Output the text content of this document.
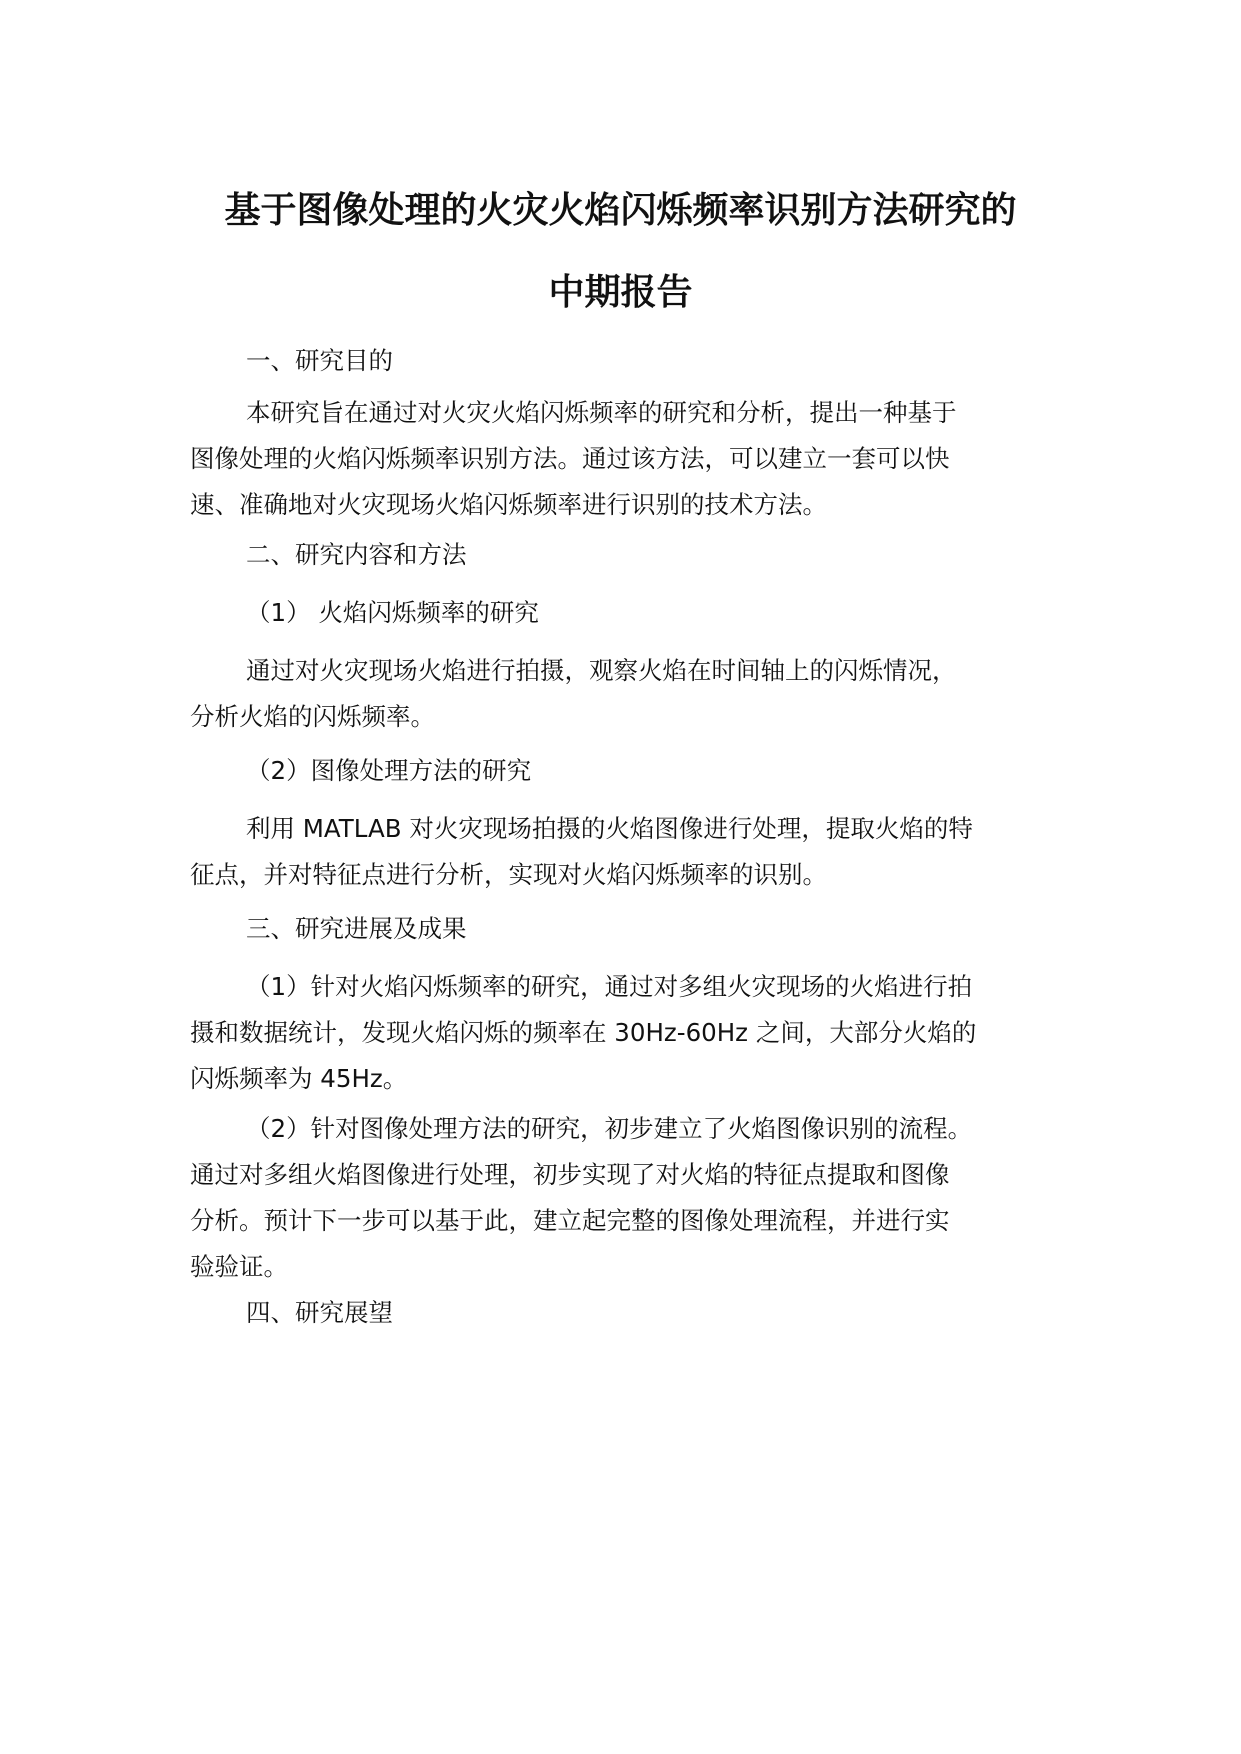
基于图像处理的火灾火焰闪烁频率识别方法研究的
中期报告
一、研究目的
本研究旨在通过对火灾火焰闪烁频率的研究和分析，提出一种基于
图像处理的火焰闪烁频率识别方法。通过该方法，可以建立一套可以快
速、准确地对火灾现场火焰闪烁频率进行识别的技术方法。
二、研究内容和方法
（1） 火焰闪烁频率的研究
通过对火灾现场火焰进行拍摄，观察火焰在时间轴上的闪烁情况，
分析火焰的闪烁频率。
（2）图像处理方法的研究
利用 MATLAB 对火灾现场拍摄的火焰图像进行处理，提取火焰的特
征点，并对特征点进行分析，实现对火焰闪烁频率的识别。
三、研究进展及成果
（1）针对火焰闪烁频率的研究，通过对多组火灾现场的火焰进行拍
摄和数据统计，发现火焰闪烁的频率在 30Hz-60Hz 之间，大部分火焰的
闪烁频率为 45Hz。
（2）针对图像处理方法的研究，初步建立了火焰图像识别的流程。
通过对多组火焰图像进行处理，初步实现了对火焰的特征点提取和图像
分析。预计下一步可以基于此，建立起完整的图像处理流程，并进行实
验验证。
四、研究展望
